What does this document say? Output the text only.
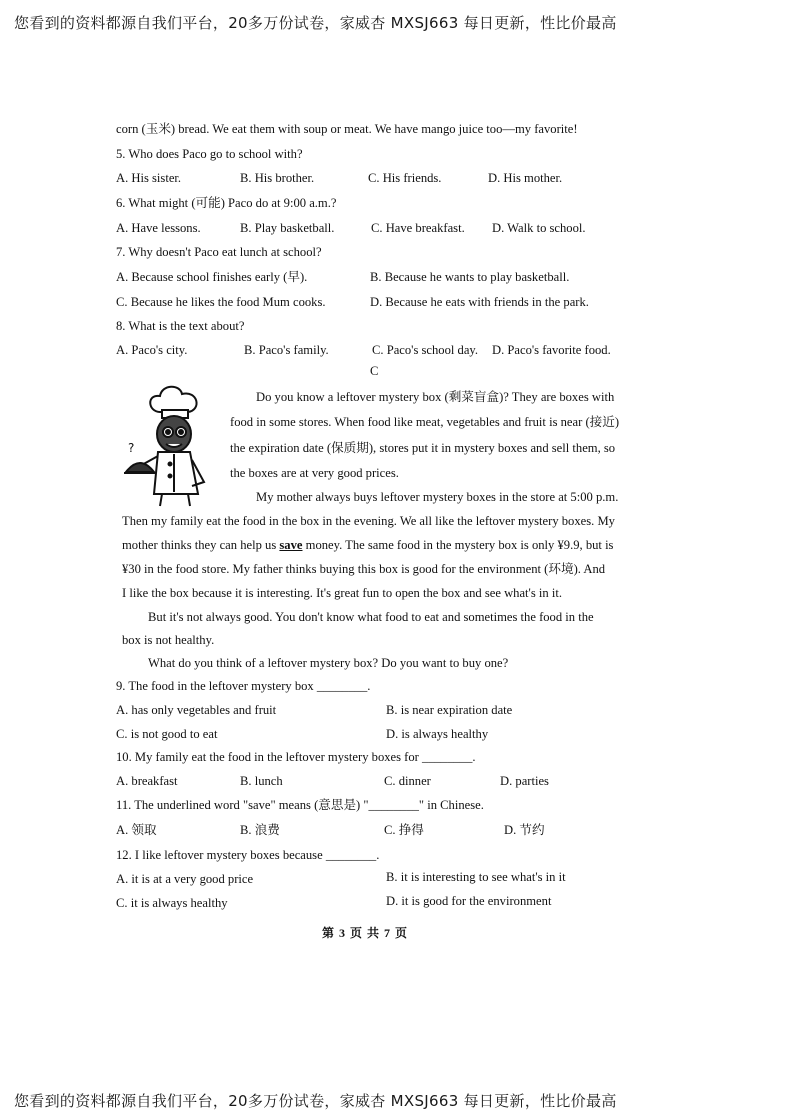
您看到的资料都源自我们平台，20多万份试卷，家威杏 MXSJ663 每日更新，性比价最高
corn (玉米) bread. We eat them with soup or meat. We have mango juice too—my favorite!
5. Who does Paco go to school with?
A. His sister.	B. His brother.	C. His friends.	D. His mother.
6. What might (可能) Paco do at 9:00 a.m.?
A. Have lessons.	B. Play basketball.	C. Have breakfast. D. Walk to school.
7. Why doesn't Paco eat lunch at school?
A. Because school finishes early (早).	B. Because he wants to play basketball.
C. Because he likes the food Mum cooks.	D. Because he eats with friends in the park.
8. What is the text about?
A. Paco's city.	B. Paco's family.	C. Paco's school day. D. Paco's favorite food.
C
?
Do you know a leftover mystery box (剩菜盲盒)? They are boxes with
food in some stores. When food like meat, vegetables and fruit is near (接近)
the expiration date (保质期), stores put it in mystery boxes and sell them, so
the boxes are at very good prices.
My mother always buys leftover mystery boxes in the store at 5:00 p.m.
Then my family eat the food in the box in the evening. We all like the leftover mystery boxes. My
mother thinks they can help us save money. The same food in the mystery box is only ¥9.9, but is
¥30 in the food store. My father thinks buying this box is good for the environment (环境). And
I like the box because it is interesting. It's great fun to open the box and see what's in it.
But it's not always good. You don't know what food to eat and sometimes the food in the
box is not healthy.
What do you think of a leftover mystery box? Do you want to buy one?
9. The food in the leftover mystery box ________.
A. has only vegetables and fruit	B. is near expiration date
C. is not good to eat	D. is always healthy
10. My family eat the food in the leftover mystery boxes for ________.
A. breakfast	B. lunch	C. dinner	D. parties
11. The underlined word "save" means (意思是) "________" in Chinese.
A. 领取	B. 浪费	C. 挣得	D. 节约
12. I like leftover mystery boxes because ________.
A. it is at a very good price	B. it is interesting to see what's in it
C. it is always healthy	D. it is good for the environment
第 3 页 共 7 页
您看到的资料都源自我们平台，20多万份试卷，家威杏 MXSJ663 每日更新，性比价最高
